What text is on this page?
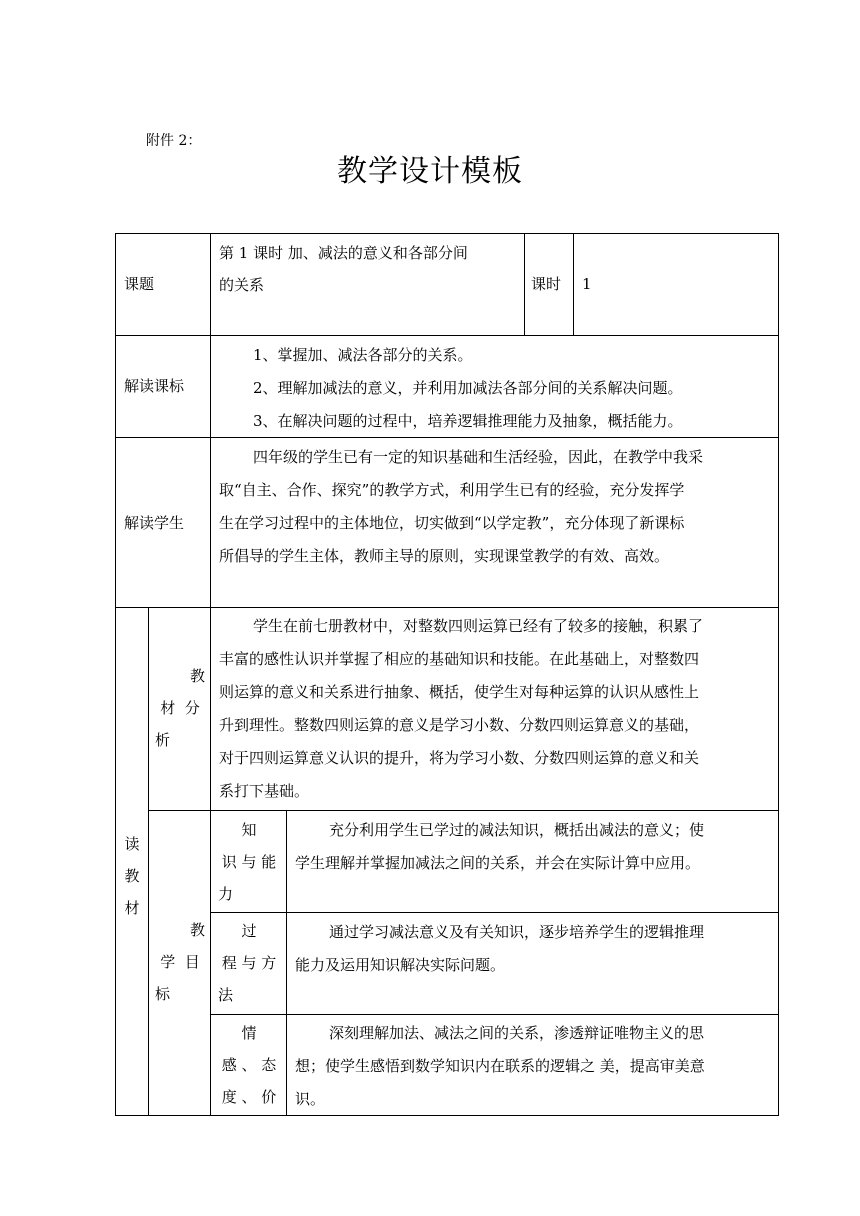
附件 2：
教学设计模板
课题
第 1 课时 加、减法的意义和各部分间
的关系	课时 1
解读课标
1、掌握加、减法各部分的关系。
2、理解加减法的意义，并利用加减法各部分间的关系解决问题。
3、在解决问题的过程中，培养逻辑推理能力及抽象，概括能力。
解读学生
四年级的学生已有一定的知识基础和生活经验，因此，在教学中我采
取“自主、合作、探究”的教学方式，利用学生已有的经验，充分发挥学
生在学习过程中的主体地位，切实做到“以学定教”，充分体现了新课标
所倡导的学生主体，教师主导的原则，实现课堂教学的有效、高效。
读
教
材
教
材  分
析
学生在前七册教材中，对整数四则运算已经有了较多的接触，积累了
丰富的感性认识并掌握了相应的基础知识和技能。在此基础上，对整数四
则运算的意义和关系进行抽象、概括，使学生对每种运算的认识从感性上
升到理性。整数四则运算的意义是学习小数、分数四则运算意义的基础，
对于四则运算意义认识的提升，将为学习小数、分数四则运算的意义和关
系打下基础。
教
学  目
标
知
识 与 能
力
充分利用学生已学过的减法知识，概括出减法的意义；使
学生理解并掌握加减法之间的关系，并会在实际计算中应用。
过
程 与 方
法
通过学习减法意义及有关知识，逐步培养学生的逻辑推理
能力及运用知识解决实际问题。
情
感 、 态
度 、 价
深刻理解加法、减法之间的关系，渗透辩证唯物主义的思
想；使学生感悟到数学知识内在联系的逻辑之 美，提高审美意
识。
